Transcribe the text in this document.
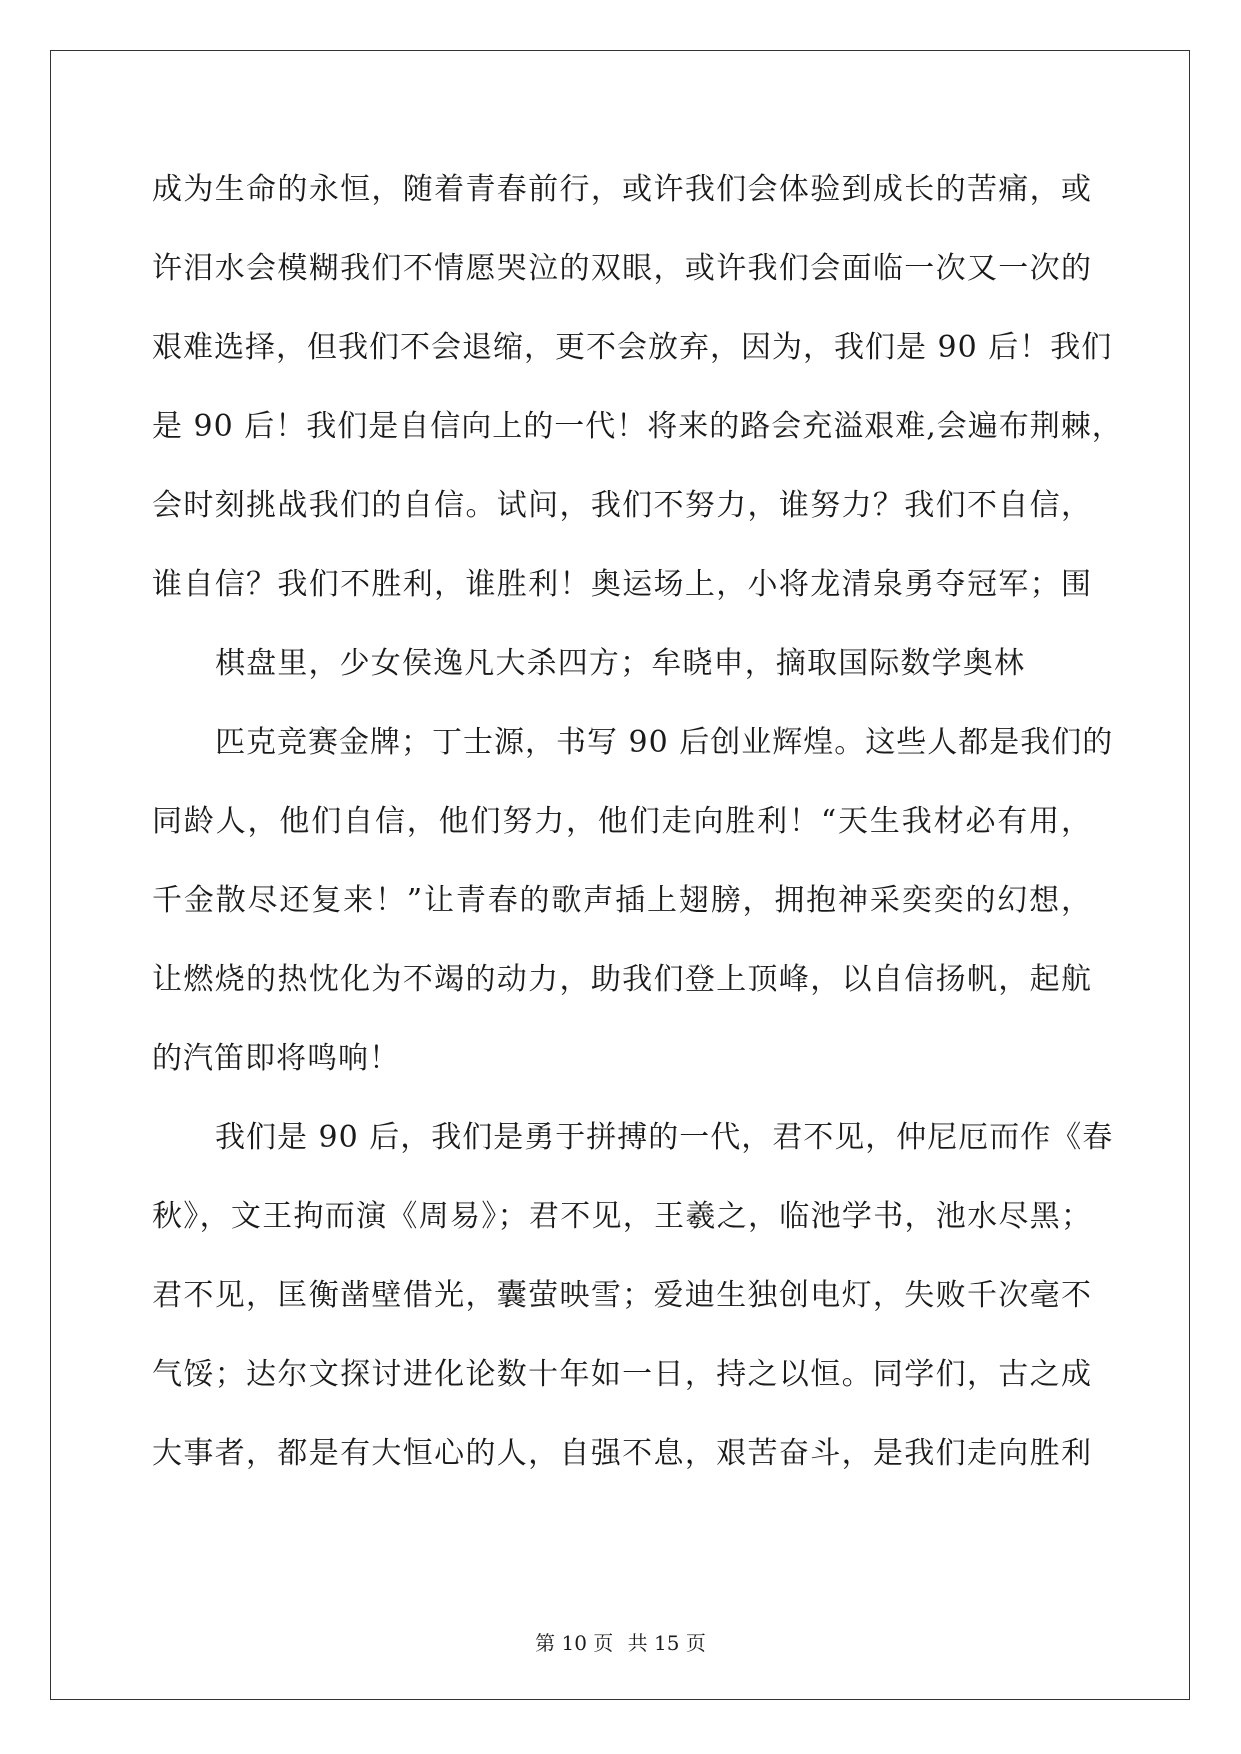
成为生命的永恒，随着青春前行，或许我们会体验到成长的苦痛，或
许泪水会模糊我们不情愿哭泣的双眼，或许我们会面临一次又一次的
艰难选择，但我们不会退缩，更不会放弃，因为，我们是 90 后！我们
是 90 后！我们是自信向上的一代！将来的路会充溢艰难,会遍布荆棘，
会时刻挑战我们的自信。试问，我们不努力，谁努力？我们不自信，
谁自信？我们不胜利，谁胜利！奥运场上，小将龙清泉勇夺冠军；围
棋盘里，少女侯逸凡大杀四方；牟晓申，摘取国际数学奥林
匹克竞赛金牌；丁士源，书写 90 后创业辉煌。这些人都是我们的
同龄人，他们自信，他们努力，他们走向胜利！“天生我材必有用，
千金散尽还复来！”让青春的歌声插上翅膀，拥抱神采奕奕的幻想，
让燃烧的热忱化为不竭的动力，助我们登上顶峰，以自信扬帆，起航
的汽笛即将鸣响！
我们是 90 后，我们是勇于拼搏的一代，君不见，仲尼厄而作《春
秋》，文王拘而演《周易》；君不见，王羲之，临池学书，池水尽黑；
君不见，匡衡凿壁借光，囊萤映雪；爱迪生独创电灯，失败千次毫不
气馁；达尔文探讨进化论数十年如一日，持之以恒。同学们，古之成
大事者，都是有大恒心的人，自强不息，艰苦奋斗，是我们走向胜利
第 10 页 共 15 页
